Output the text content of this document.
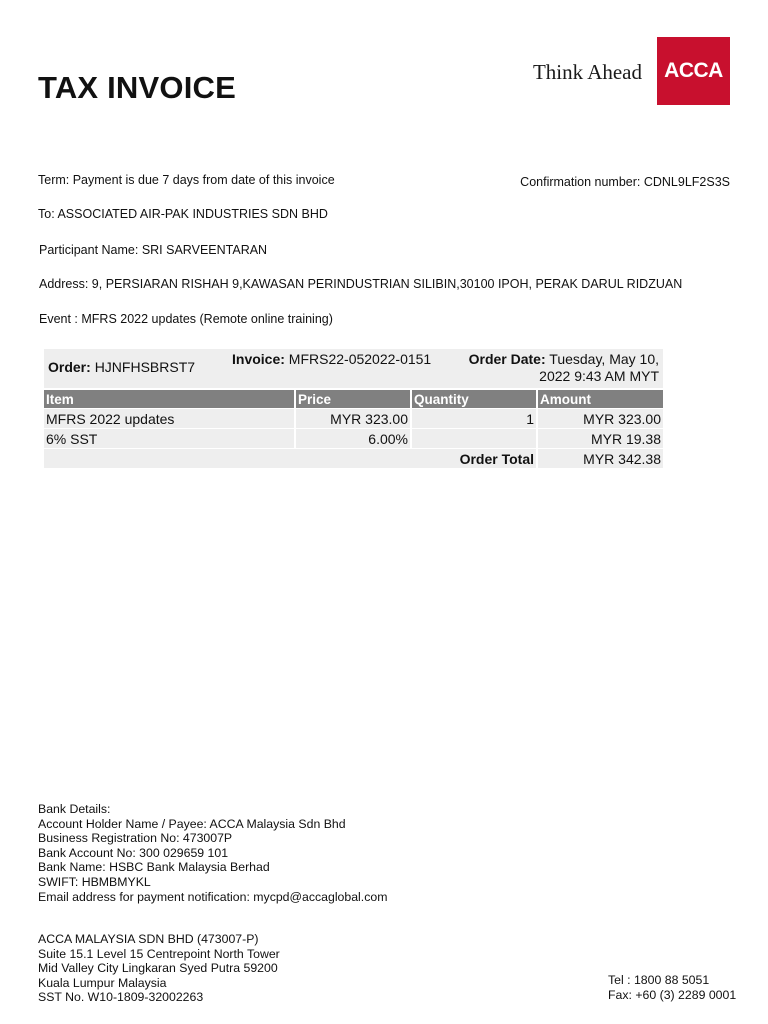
TAX INVOICE	Think Ahead ACCA
Term: Payment is due 7 days from date of this invoice	Confirmation number: CDNL9LF2S3S
To: ASSOCIATED AIR-PAK INDUSTRIES SDN BHD
Participant Name: SRI SARVEENTARAN
Address: 9, PERSIARAN RISHAH 9,KAWASAN PERINDUSTRIAN SILIBIN,30100 IPOH, PERAK DARUL RIDZUAN
Event : MFRS 2022 updates (Remote online training)
Order: HJNFHSBRST7	Invoice: MFRS22-052022-0151	Order Date: Tuesday, May 10, 2022 9:43 AM MYT
Item	Price	Quantity	Amount
MFRS 2022 updates	MYR 323.00	1	MYR 323.00
6% SST	6.00%		MYR 19.38
	Order Total		MYR 342.38
Bank Details:
Account Holder Name / Payee: ACCA Malaysia Sdn Bhd
Business Registration No: 473007P
Bank Account No: 300 029659 101
Bank Name: HSBC Bank Malaysia Berhad
SWIFT: HBMBMYKL
Email address for payment notification: mycpd@accaglobal.com
ACCA MALAYSIA SDN BHD (473007-P)
Suite 15.1 Level 15 Centrepoint North Tower
Mid Valley City Lingkaran Syed Putra 59200
Kuala Lumpur Malaysia
SST No. W10-1809-32002263
Tel : 1800 88 5051
Fax: +60 (3) 2289 0001
